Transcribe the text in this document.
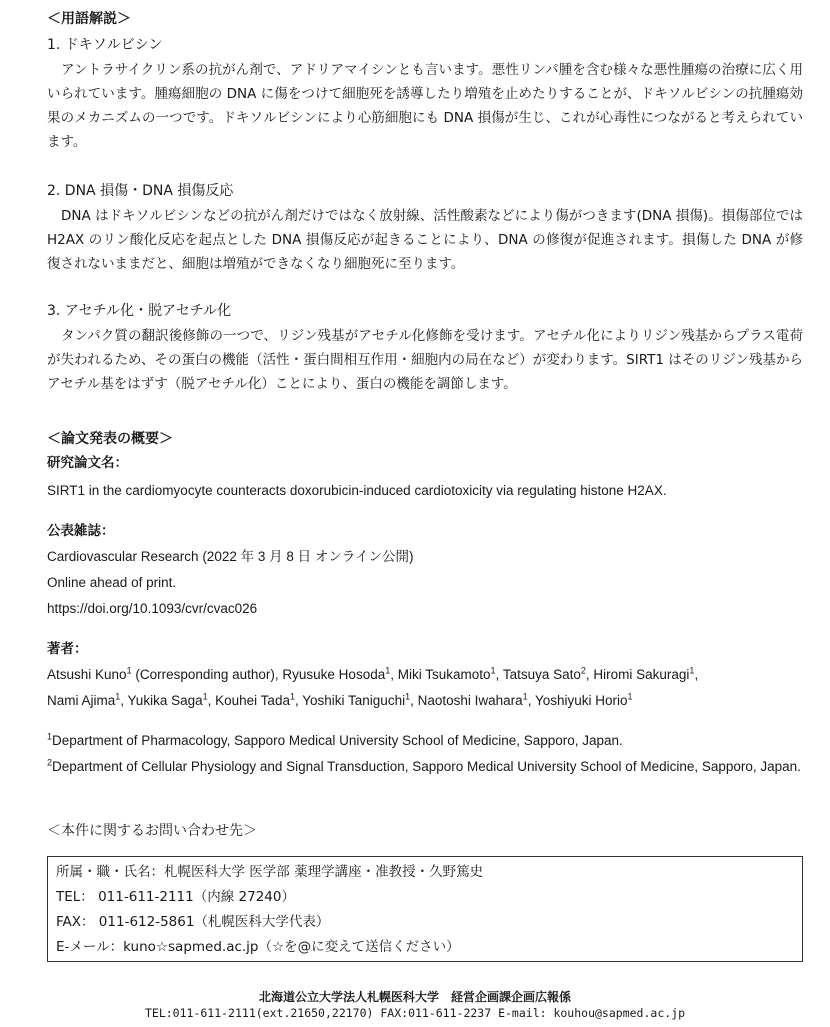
＜用語解説＞
1. ドキソルビシン
アントラサイクリン系の抗がん剤で、アドリアマイシンとも言います。悪性リンパ腫を含む様々な悪性腫瘍の治療に広く用いられています。腫瘍細胞の DNA に傷をつけて細胞死を誘導したり増殖を止めたりすることが、ドキソルビシンの抗腫瘍効果のメカニズムの一つです。ドキソルビシンにより心筋細胞にも DNA 損傷が生じ、これが心毒性につながると考えられています。
2. DNA 損傷・DNA 損傷反応
DNA はドキソルビシンなどの抗がん剤だけではなく放射線、活性酸素などにより傷がつきます(DNA 損傷)。損傷部位では H2AX のリン酸化反応を起点とした DNA 損傷反応が起きることにより、DNA の修復が促進されます。損傷した DNA が修復されないままだと、細胞は増殖ができなくなり細胞死に至ります。
3. アセチル化・脱アセチル化
タンパク質の翻訳後修飾の一つで、リジン残基がアセチル化修飾を受けます。アセチル化によりリジン残基からプラス電荷が失われるため、その蛋白の機能（活性・蛋白間相互作用・細胞内の局在など）が変わります。SIRT1 はそのリジン残基からアセチル基をはずす（脱アセチル化）ことにより、蛋白の機能を調節します。
＜論文発表の概要＞
研究論文名：
SIRT1 in the cardiomyocyte counteracts doxorubicin-induced cardiotoxicity via regulating histone H2AX.
公表雑誌：
Cardiovascular Research (2022 年 3 月 8 日 オンライン公開)
Online ahead of print.
https://doi.org/10.1093/cvr/cvac026
著者：
Atsushi Kuno$^1$ (Corresponding author), Ryusuke Hosoda$^1$, Miki Tsukamoto$^1$, Tatsuya Sato$^2$, Hiromi Sakuragi$^1$,
Nami Ajima$^1$, Yukika Saga$^1$, Kouhei Tada$^1$, Yoshiki Taniguchi$^1$, Naotoshi Iwahara$^1$, Yoshiyuki Horio$^1$
$^1$Department of Pharmacology, Sapporo Medical University School of Medicine, Sapporo, Japan.
$^2$Department of Cellular Physiology and Signal Transduction, Sapporo Medical University School of Medicine, Sapporo, Japan.
＜本件に関するお問い合わせ先＞
所属・職・氏名：札幌医科大学 医学部 薬理学講座・准教授・久野篤史
TEL： 011-611-2111（内線 27240）
FAX： 011-612-5861（札幌医科大学代表）
E-メール：kuno☆sapmed.ac.jp（☆を@に変えて送信ください）
北海道公立大学法人札幌医科大学　経営企画課企画広報係
TEL:011-611-2111(ext.21650,22170) FAX:011-611-2237 E-mail: kouhou@sapmed.ac.jp
